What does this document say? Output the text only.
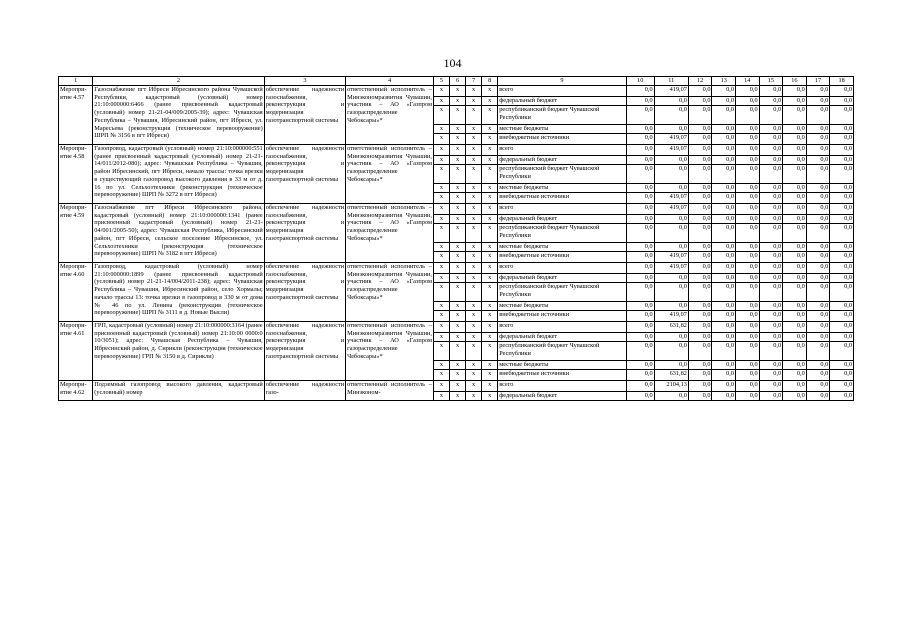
104
1	2	3	4	5	6	7	8	9	10	11	12	13	14	15	16	17	18
Меропри-ятие 4.57	Газоснабжение пгт Ибреси Ибресинского района Чувашской Республики, кадастровый (условный) номер 21:10:000000:6466 (ранее присвоенный кадастровый (условный) номер 21-21-04/009/2005-39); адрес: Чувашская Республика – Чувашия, Ибресинский район, пгт Ибреси, ул. Маресьева (реконструкция (техническое перевооружение) ШРП № 3156 в пгт Ибреси)	обеспечение надежности газоснабжения, реконструкция и модернизация газотранспортной системы	ответственный исполнитель – Минэкономразвития Чувашии, участник – АО «Газпром газораспределение Чебоксары»*	x	x	x	x	всего	0,0	419,07	0,0	0,0	0,0	0,0	0,0	0,0	0,0
				x	x	x	x	федеральный бюджет	0,0	0,0	0,0	0,0	0,0	0,0	0,0	0,0	0,0
				x	x	x	x	республиканский бюджет Чувашской Республики	0,0	0,0	0,0	0,0	0,0	0,0	0,0	0,0	0,0
				x	x	x	x	местные бюджеты	0,0	0,0	0,0	0,0	0,0	0,0	0,0	0,0	0,0
				x	x	x	x	внебюджетные источники	0,0	419,07	0,0	0,0	0,0	0,0	0,0	0,0	0,0
Меропри-ятие 4.58	Газопровод, кадастровый (условный) номер 21:10:000000:551 (ранее присвоенный кадастровый (условный) номер 21-21-14/011/2012-080); адрес: Чувашская Республика – Чувашия, район Ибресинский, пгт Ибреси, начало трассы: точка врезки в существующий газопровод высокого давления в 33 м от д. 16 по ул. Сельхозтехники (реконструкция (техническое перевооружение) ШРП № 3272 в пгт Ибреси)	обеспечение надежности газоснабжения, реконструкция и модернизация газотранспортной системы	ответственный исполнитель – Минэкономразвития Чувашии, участник – АО «Газпром газораспределение Чебоксары»*	x	x	x	x	всего	0,0	419,07	0,0	0,0	0,0	0,0	0,0	0,0	0,0
				x	x	x	x	федеральный бюджет	0,0	0,0	0,0	0,0	0,0	0,0	0,0	0,0	0,0
				x	x	x	x	республиканский бюджет Чувашской Республики	0,0	0,0	0,0	0,0	0,0	0,0	0,0	0,0	0,0
				x	x	x	x	местные бюджеты	0,0	0,0	0,0	0,0	0,0	0,0	0,0	0,0	0,0
				x	x	x	x	внебюджетные источники	0,0	419,07	0,0	0,0	0,0	0,0	0,0	0,0	0,0
Меропри-ятие 4.59	Газоснабжение пгт Ибреси Ибресинского района, кадастровый (условный) номер 21:10:000000:1341 (ранее присвоенный кадастровый (условный) номер 21-21-04/001/2005-50); адрес: Чувашская Республика, Ибресинский район, пгт Ибреси, сельское поселение Ибресинское, ул. Сельхозтехники (реконструкция (техническое перевооружение) ШРП № 3182 в пгт Ибреси)	обеспечение надежности газоснабжения, реконструкция и модернизация газотранспортной системы	ответственный исполнитель – Минэкономразвития Чувашии, участник – АО «Газпром газораспределение Чебоксары»*	x	x	x	x	всего	0,0	419,07	0,0	0,0	0,0	0,0	0,0	0,0	0,0
				x	x	x	x	федеральный бюджет	0,0	0,0	0,0	0,0	0,0	0,0	0,0	0,0	0,0
				x	x	x	x	республиканский бюджет Чувашской Республики	0,0	0,0	0,0	0,0	0,0	0,0	0,0	0,0	0,0
				x	x	x	x	местные бюджеты	0,0	0,0	0,0	0,0	0,0	0,0	0,0	0,0	0,0
				x	x	x	x	внебюджетные источники	0,0	419,07	0,0	0,0	0,0	0,0	0,0	0,0	0,0
Меропри-ятие 4.60	Газопровод, кадастровый (условный) номер 21:10:000000:1899 (ранее присвоенный кадастровый (условный) номер 21-21-14/004/2011-238); адрес: Чувашская Республика – Чувашия, Ибресинский район, село Хормалы; начало трассы 13: точка врезки в газопровод в 330 м от дома № 46 по ул. Ленина (реконструкция (техническое перевооружение) ШРП № 3111 в д. Новые Высли)	обеспечение надежности газоснабжения, реконструкция и модернизация газотранспортной системы	ответственный исполнитель – Минэкономразвития Чувашии, участник – АО «Газпром газораспределение Чебоксары»*	x	x	x	x	всего	0,0	419,07	0,0	0,0	0,0	0,0	0,0	0,0	0,0
				x	x	x	x	федеральный бюджет	0,0	0,0	0,0	0,0	0,0	0,0	0,0	0,0	0,0
				x	x	x	x	республиканский бюджет Чувашской Республики	0,0	0,0	0,0	0,0	0,0	0,0	0,0	0,0	0,0
				x	x	x	x	местные бюджеты	0,0	0,0	0,0	0,0	0,0	0,0	0,0	0,0	0,0
				x	x	x	x	внебюджетные источники	0,0	419,07	0,0	0,0	0,0	0,0	0,0	0,0	0,0
Меропри-ятие 4.61	ГРП, кадастровый (условный) номер 21:10:000000:3164 (ранее присвоенный кадастровый (условный) номер 21:10:00 0000:0 10/3051); адрес: Чувашская Республика – Чувашия, Ибресинский район, д. Сирикли (реконструкция (техническое перевооружение) ГРП № 3150 в д. Сирикли)	обеспечение надежности газоснабжения, реконструкция и модернизация газотранспортной системы	ответственный исполнитель – Минэкономразвития Чувашии, участник – АО «Газпром газораспределение Чебоксары»*	x	x	x	x	всего	0,0	631,82	0,0	0,0	0,0	0,0	0,0	0,0	0,0
				x	x	x	x	федеральный бюджет	0,0	0,0	0,0	0,0	0,0	0,0	0,0	0,0	0,0
				x	x	x	x	республиканский бюджет Чувашской Республики	0,0	0,0	0,0	0,0	0,0	0,0	0,0	0,0	0,0
				x	x	x	x	местные бюджеты	0,0	0,0	0,0	0,0	0,0	0,0	0,0	0,0	0,0
				x	x	x	x	внебюджетные источники	0,0	631,82	0,0	0,0	0,0	0,0	0,0	0,0	0,0
Меропри-ятие 4.62	Подземный газопровод высокого давления, кадастровый (условный) номер	обеспечение надежности газо-	ответственный исполнитель – Минэконом-	x	x	x	x	всего	0,0	2104,13	0,0	0,0	0,0	0,0	0,0	0,0	0,0
				x	x	x	x	федеральный бюджет	0,0	0,0	0,0	0,0	0,0	0,0	0,0	0,0	0,0
